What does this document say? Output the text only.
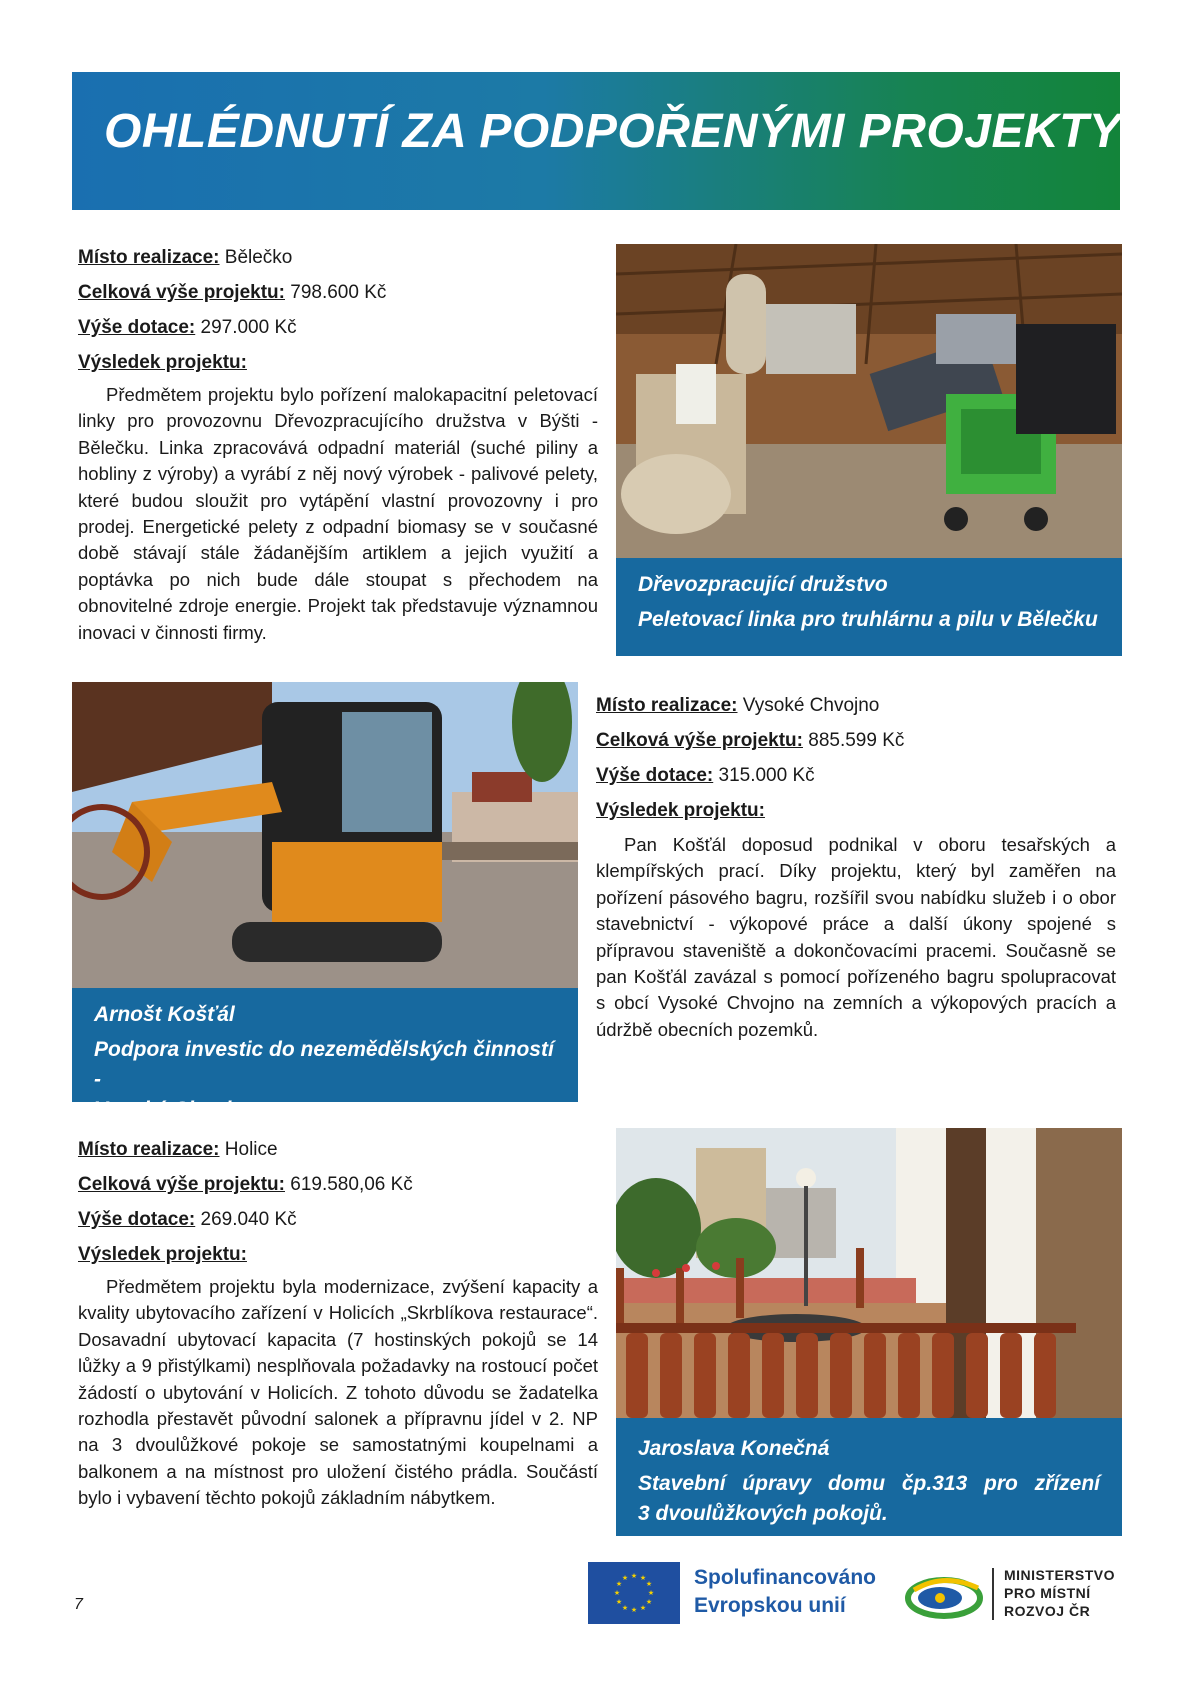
OHLÉDNUTÍ ZA PODPOŘENÝMI PROJEKTY
Místo realizace: Bělečko
Celková výše projektu: 798.600 Kč
Výše dotace: 297.000 Kč
Výsledek projektu:

Předmětem projektu bylo pořízení malokapacitní peletovací linky pro provozovnu Dřevozpracujícího družstva v Býšti - Bělečku. Linka zpracovává odpadní materiál (suché piliny a hobliny z výroby) a vyrábí z něj nový výrobek - palivové pelety, které budou sloužit pro vytápění vlastní provozovny i pro prodej. Energetické pelety z odpadní biomasy se v současné době stávají stále žádanějším artiklem a jejich využití a poptávka po nich bude dále stoupat s přechodem na obnovitelné zdroje energie. Projekt tak představuje významnou inovaci v činnosti firmy.

Dřevozpracující družstvo
Peletovací linka pro truhlárnu a pilu v Bělečku
Arnošt Košťál
Podpora investic do nezemědělských činností -
Vysoké Chvojno
Místo realizace: Vysoké Chvojno
Celková výše projektu: 885.599 Kč
Výše dotace: 315.000 Kč
Výsledek projektu:

Pan Košťál doposud podnikal v oboru tesařských a klempířských prací. Díky projektu, který byl zaměřen na pořízení pásového bagru, rozšířil svou nabídku služeb i o obor stavebnictví - výkopové práce a další úkony spojené s přípravou staveniště a dokončovacími pracemi. Současně se pan Košťál zavázal s pomocí pořízeného bagru spolupracovat s obcí Vysoké Chvojno na zemních a výkopových pracích a údržbě obecních pozemků.

Místo realizace: Holice
Celková výše projektu: 619.580,06 Kč
Výše dotace: 269.040 Kč
Výsledek projektu:

Předmětem projektu byla modernizace, zvýšení kapacity a kvality ubytovacího zařízení v Holicích „Skrblíkova restaurace“. Dosavadní ubytovací kapacita (7 hostinských pokojů se 14 lůžky a 9 přistýlkami) nesplňovala požadavky na rostoucí počet žádostí o ubytování v Holicích. Z tohoto důvodu se žadatelka rozhodla přestavět původní salonek a přípravnu jídel v 2. NP na 3 dvoulůžkové pokoje se samostatnými koupelnami a balkonem a na místnost pro uložení čistého prádla. Součástí bylo i vybavení těchto pokojů základním nábytkem.

Jaroslava Konečná
Stavební úpravy domu čp.313 pro zřízení
3 dvoulůžkových pokojů.
7
★ ★
★
★
★
★
★
★
★
★
★
★	Spolufinancováno
Evropskou unií
MINISTERSTVO
PRO MÍSTNÍ
ROZVOJ ČR
